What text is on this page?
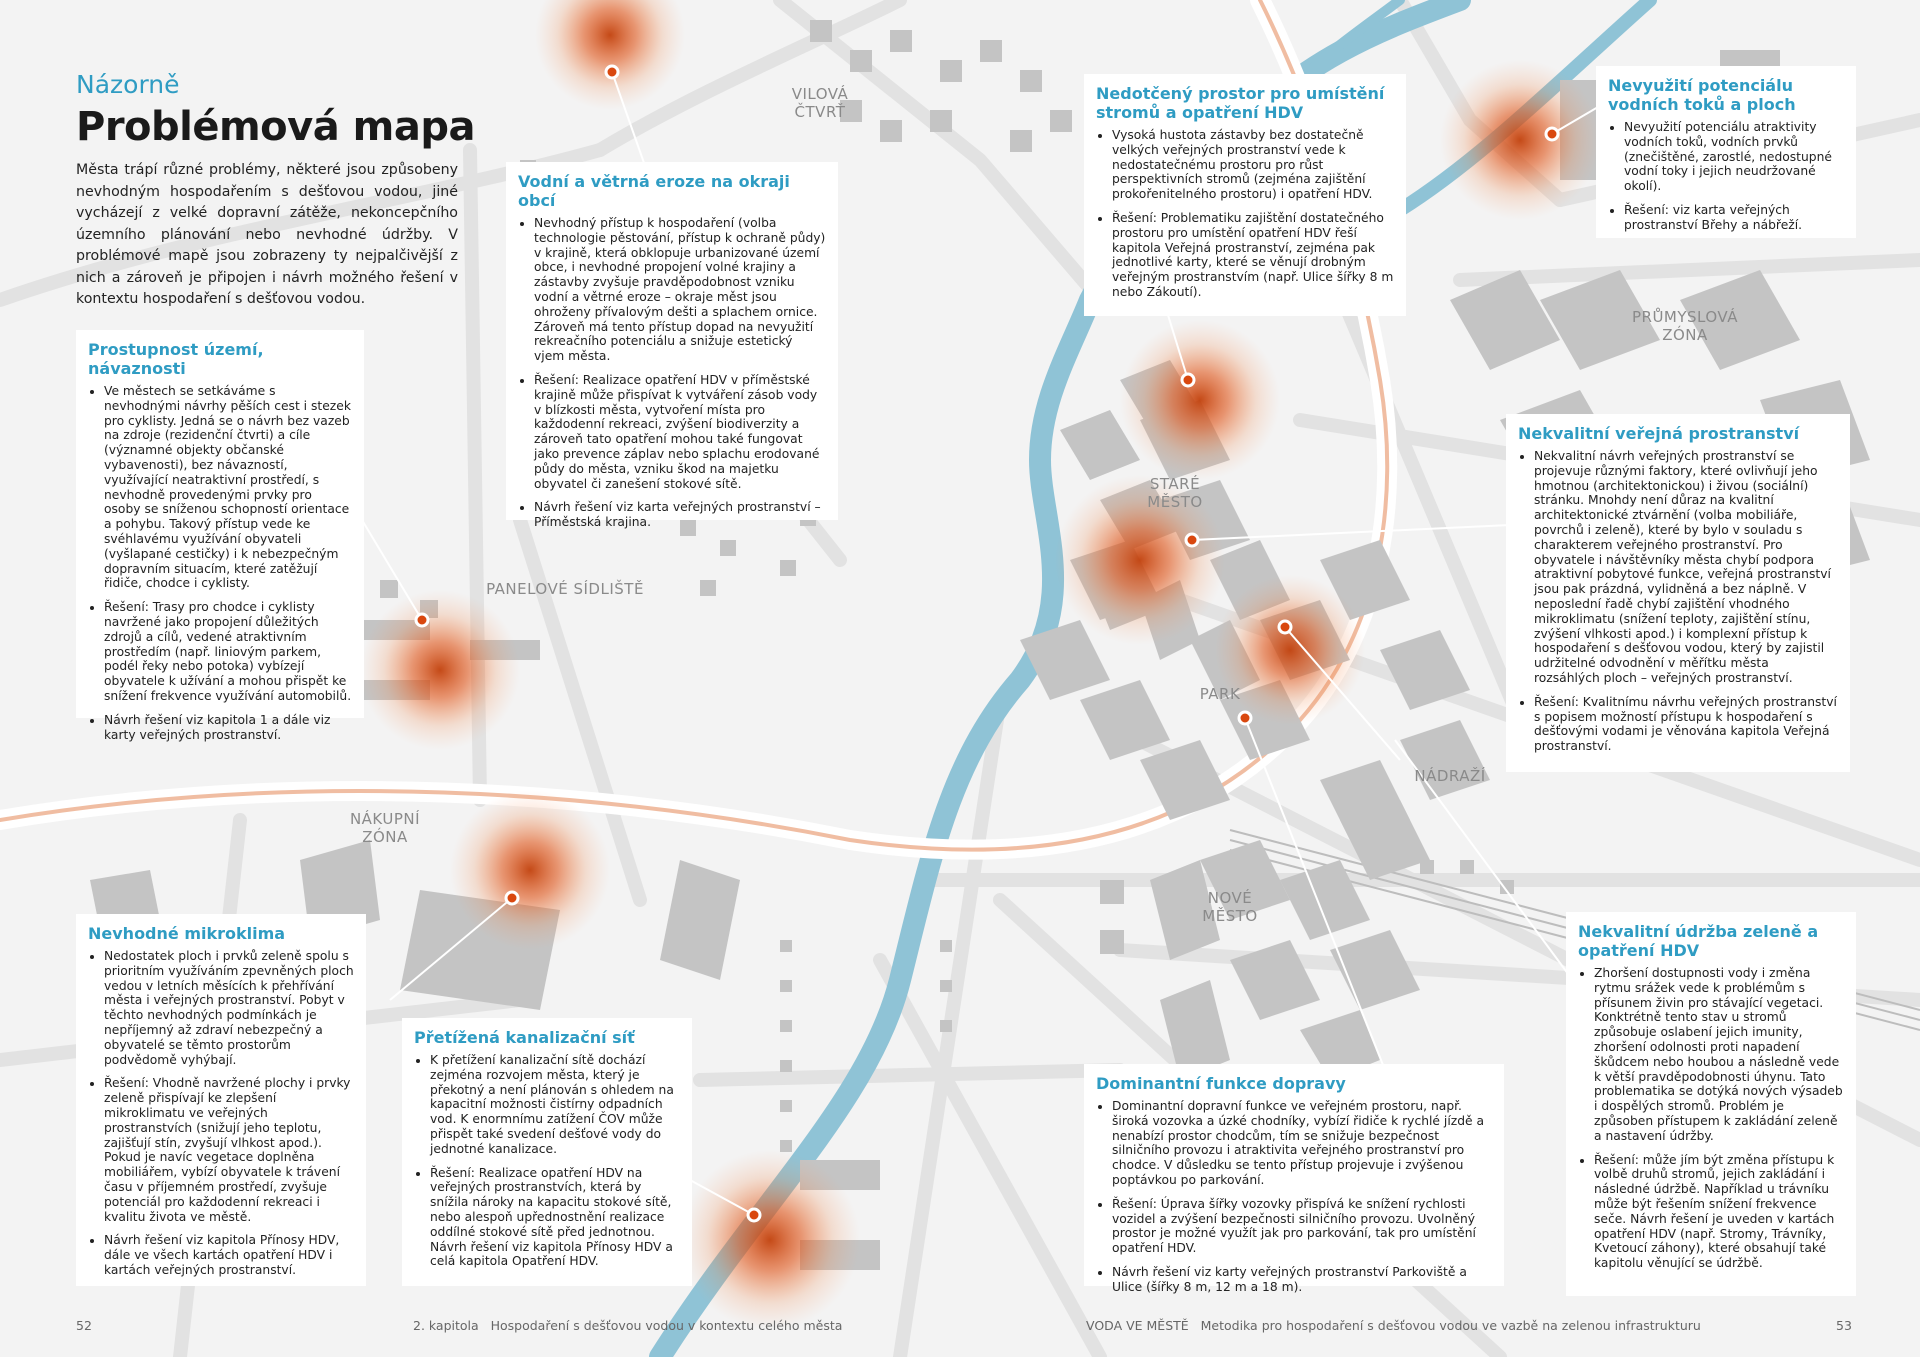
VILOVÁ ČTVRŤ
PRŮMYSLOVÁ ZÓNA
STARÉ MĚSTO
PANELOVÉ SÍDLIŠTĚ
PARK
NÁDRAŽÍ
NÁKUPNÍ ZÓNA
NOVÉ MĚSTO
Názorně
Problémová mapa
Města trápí různé problémy, některé jsou způsobeny nevhodným hospodařením s dešťovou vodou, jiné vycházejí z velké dopravní zátěže, nekoncepčního územního plánování nebo nevhodné údržby. V problémové mapě jsou zobrazeny ty nejpalčivější z nich a zároveň je připojen i návrh možného řešení v kontextu hospodaření s dešťovou vodou.
Prostupnost území, návaznosti
• Ve městech se setkáváme s nevhodnými návrhy pěších cest i stezek pro cyklisty. Jedná se o návrh bez vazeb na zdroje (rezidenční čtvrti) a cíle (významné objekty občanské vybavenosti), bez návazností, využívající neatraktivní prostředí, s nevhodně provedenými prvky pro osoby se sníženou schopností orientace a pohybu. Takový přístup vede ke svéhlavému využívání obyvateli (vyšlapané cestičky) i k nebezpečným dopravním situacím, které zatěžují řidiče, chodce i cyklisty.
• Řešení: Trasy pro chodce i cyklisty navržené jako propojení důležitých zdrojů a cílů, vedené atraktivním prostředím (např. liniovým parkem, podél řeky nebo potoka) vybízejí obyvatele k užívání a mohou přispět ke snížení frekvence využívání automobilů.
• Návrh řešení viz kapitola 1 a dále viz karty veřejných prostranství.
Vodní a větrná eroze na okraji obcí
• Nevhodný přístup k hospodaření (volba technologie pěstování, přístup k ochraně půdy) v krajině, která obklopuje urbanizované území obce, i nevhodné propojení volné krajiny a zástavby zvyšuje pravděpodobnost vzniku vodní a větrné eroze – okraje měst jsou ohroženy přívalovým dešti a splachem ornice. Zároveň má tento přístup dopad na nevyužití rekreačního potenciálu a snižuje estetický vjem města.
• Řešení: Realizace opatření HDV v příměstské krajině může přispívat k vytváření zásob vody v blízkosti města, vytvoření místa pro každodenní rekreaci, zvýšení biodiverzity a zároveň tato opatření mohou také fungovat jako prevence záplav nebo splachu erodované půdy do města, vzniku škod na majetku obyvatel či zanešení stokové sítě.
• Návrh řešení viz karta veřejných prostranství – Příměstská krajina.
Nedotčený prostor pro umístění stromů a opatření HDV
• Vysoká hustota zástavby bez dostatečně velkých veřejných prostranství vede k nedostatečnému prostoru pro růst perspektivních stromů (zejména zajištění prokořenitelného prostoru) i opatření HDV.
• Řešení: Problematiku zajištění dostatečného prostoru pro umístění opatření HDV řeší kapitola Veřejná prostranství, zejména pak jednotlivé karty, které se věnují drobným veřejným prostranstvím (např. Ulice šířky 8 m nebo Zákoutí).
Nevyužití potenciálu vodních toků a ploch
• Nevyužití potenciálu atraktivity vodních toků, vodních prvků (znečištěné, zarostlé, nedostupné vodní toky i jejich neudržované okolí).
• Řešení: viz karta veřejných prostranství Břehy a nábřeží.
Nekvalitní veřejná prostranství
• Nekvalitní návrh veřejných prostranství se projevuje různými faktory, které ovlivňují jeho hmotnou (architektonickou) i živou (sociální) stránku. Mnohdy není důraz na kvalitní architektonické ztvárnění (volba mobiliáře, povrchů i zeleně), které by bylo v souladu s charakterem veřejného prostranství. Pro obyvatele i návštěvníky města chybí podpora atraktivní pobytové funkce, veřejná prostranství jsou pak prázdná, vylidněná a bez náplně. V neposlední řadě chybí zajištění vhodného mikroklimatu (snížení teploty, zajištění stínu, zvýšení vlhkosti apod.) i komplexní přístup k hospodaření s dešťovou vodou, který by zajistil udržitelné odvodnění v měřítku města rozsáhlých ploch – veřejných prostranství.
• Řešení: Kvalitnímu návrhu veřejných prostranství s popisem možností přístupu k hospodaření s dešťovými vodami je věnována kapitola Veřejná prostranství.
Nevhodné mikroklima
• Nedostatek ploch i prvků zeleně spolu s prioritním využíváním zpevněných ploch vedou v letních měsících k přehřívání města i veřejných prostranství. Pobyt v těchto nevhodných podmínkách je nepříjemný až zdraví nebezpečný a obyvatelé se těmto prostorům podvědomě vyhýbají.
• Řešení: Vhodně navržené plochy i prvky zeleně přispívají ke zlepšení mikroklimatu ve veřejných prostranstvích (snižují jeho teplotu, zajišťují stín, zvyšují vlhkost apod.). Pokud je navíc vegetace doplněna mobiliářem, vybízí obyvatele k trávení času v příjemném prostředí, zvyšuje potenciál pro každodenní rekreaci i kvalitu života ve městě.
• Návrh řešení viz kapitola Přínosy HDV, dále ve všech kartách opatření HDV i kartách veřejných prostranství.
Přetížená kanalizační síť
• K přetížení kanalizační sítě dochází zejména rozvojem města, který je překotný a není plánován s ohledem na kapacitní možnosti čistírny odpadních vod. K enormnímu zatížení ČOV může přispět také svedení dešťové vody do jednotné kanalizace.
• Řešení: Realizace opatření HDV na veřejných prostranstvích, která by snížila nároky na kapacitu stokové sítě, nebo alespoň upřednostnění realizace oddílné stokové sítě před jednotnou. Návrh řešení viz kapitola Přínosy HDV a celá kapitola Opatření HDV.
Dominantní funkce dopravy
• Dominantní dopravní funkce ve veřejném prostoru, např. široká vozovka a úzké chodníky, vybízí řidiče k rychlé jízdě a nenabízí prostor chodcům, tím se snižuje bezpečnost silničního provozu i atraktivita veřejného prostranství pro chodce. V důsledku se tento přístup projevuje i zvýšenou poptávkou po parkování.
• Řešení: Úprava šířky vozovky přispívá ke snížení rychlosti vozidel a zvýšení bezpečnosti silničního provozu. Uvolněný prostor je možné využít jak pro parkování, tak pro umístění opatření HDV.
• Návrh řešení viz karty veřejných prostranství Parkoviště a Ulice (šířky 8 m, 12 m a 18 m).
Nekvalitní údržba zeleně a opatření HDV
• Zhoršení dostupnosti vody i změna rytmu srážek vede k problémům s přísunem živin pro stávající vegetaci. Konktrétně tento stav u stromů způsobuje oslabení jejich imunity, zhoršení odolnosti proti napadení škůdcem nebo houbou a následně vede k větší pravděpodobnosti úhynu. Tato problematika se dotýká nových výsadeb i dospělých stromů. Problém je způsoben přístupem k zakládání zeleně a nastavení údržby.
• Řešení: může jím být změna přístupu k volbě druhů stromů, jejich zakládání i následné údržbě. Například u trávníku může být řešením snížení frekvence sečе. Návrh řešení je uveden v kartách opatření HDV (např. Stromy, Trávníky, Kvetoucí záhony), které obsahují také kapitolu věnující se údržbě.
52	2. kapitola Hospodaření s dešťovou vodou v kontextu celého města	VODA VE MĚSTĚ Metodika pro hospodaření s dešťovou vodou ve vazbě na zelenou infrastrukturu	53
